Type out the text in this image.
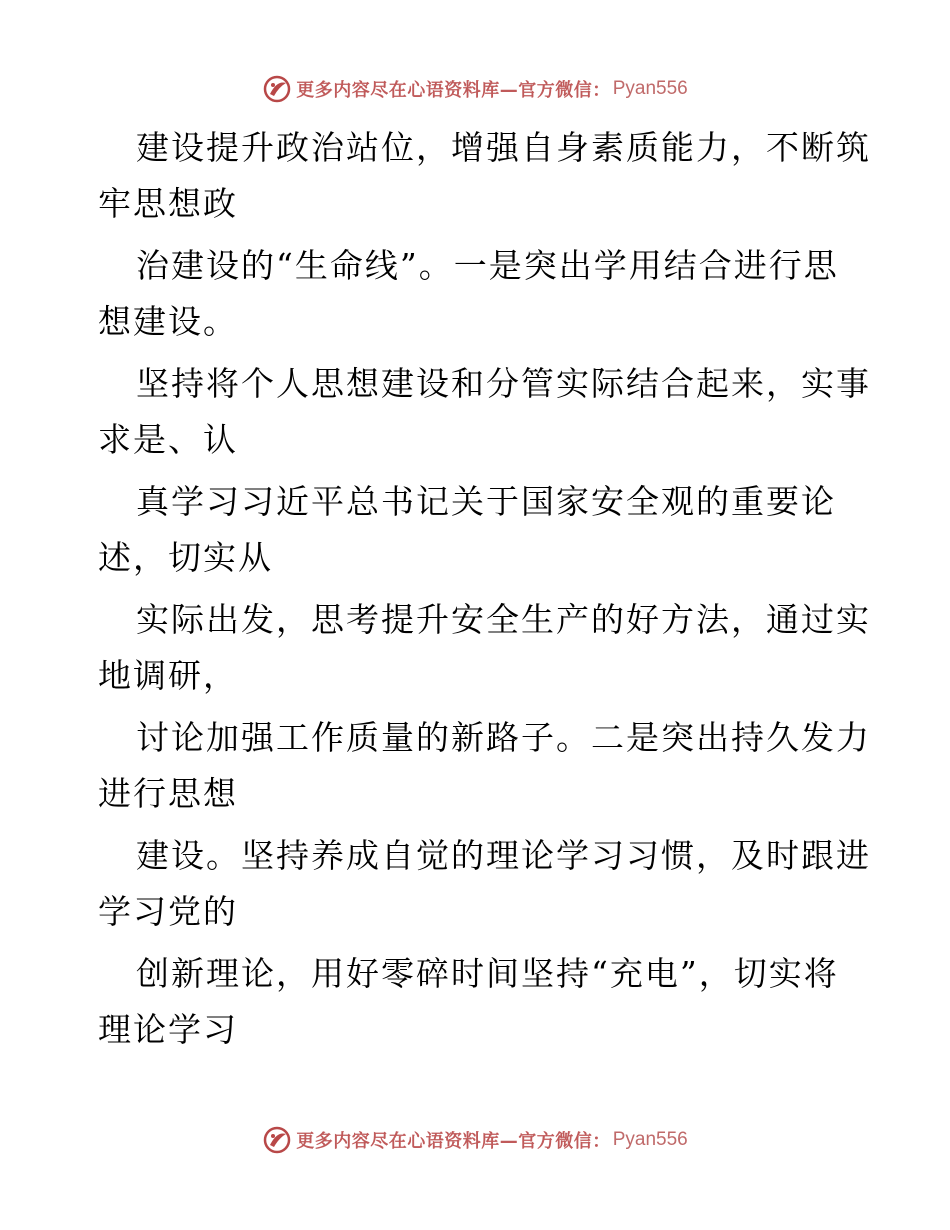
更多内容尽在心语资料库—官方微信： Pyan556

建设提升政治站位，增强自身素质能力，不断筑
牢思想政

治建设的“生命线”。一是突出学用结合进行思
想建设。

坚持将个人思想建设和分管实际结合起来，实事
求是、认

真学习习近平总书记关于国家安全观的重要论
述，切实从

实际出发，思考提升安全生产的好方法，通过实
地调研，

讨论加强工作质量的新路子。二是突出持久发力
进行思想

建设。坚持养成自觉的理论学习习惯，及时跟进
学习党的

创新理论，用好零碎时间坚持“充电”，切实将
理论学习

更多内容尽在心语资料库—官方微信： Pyan556
